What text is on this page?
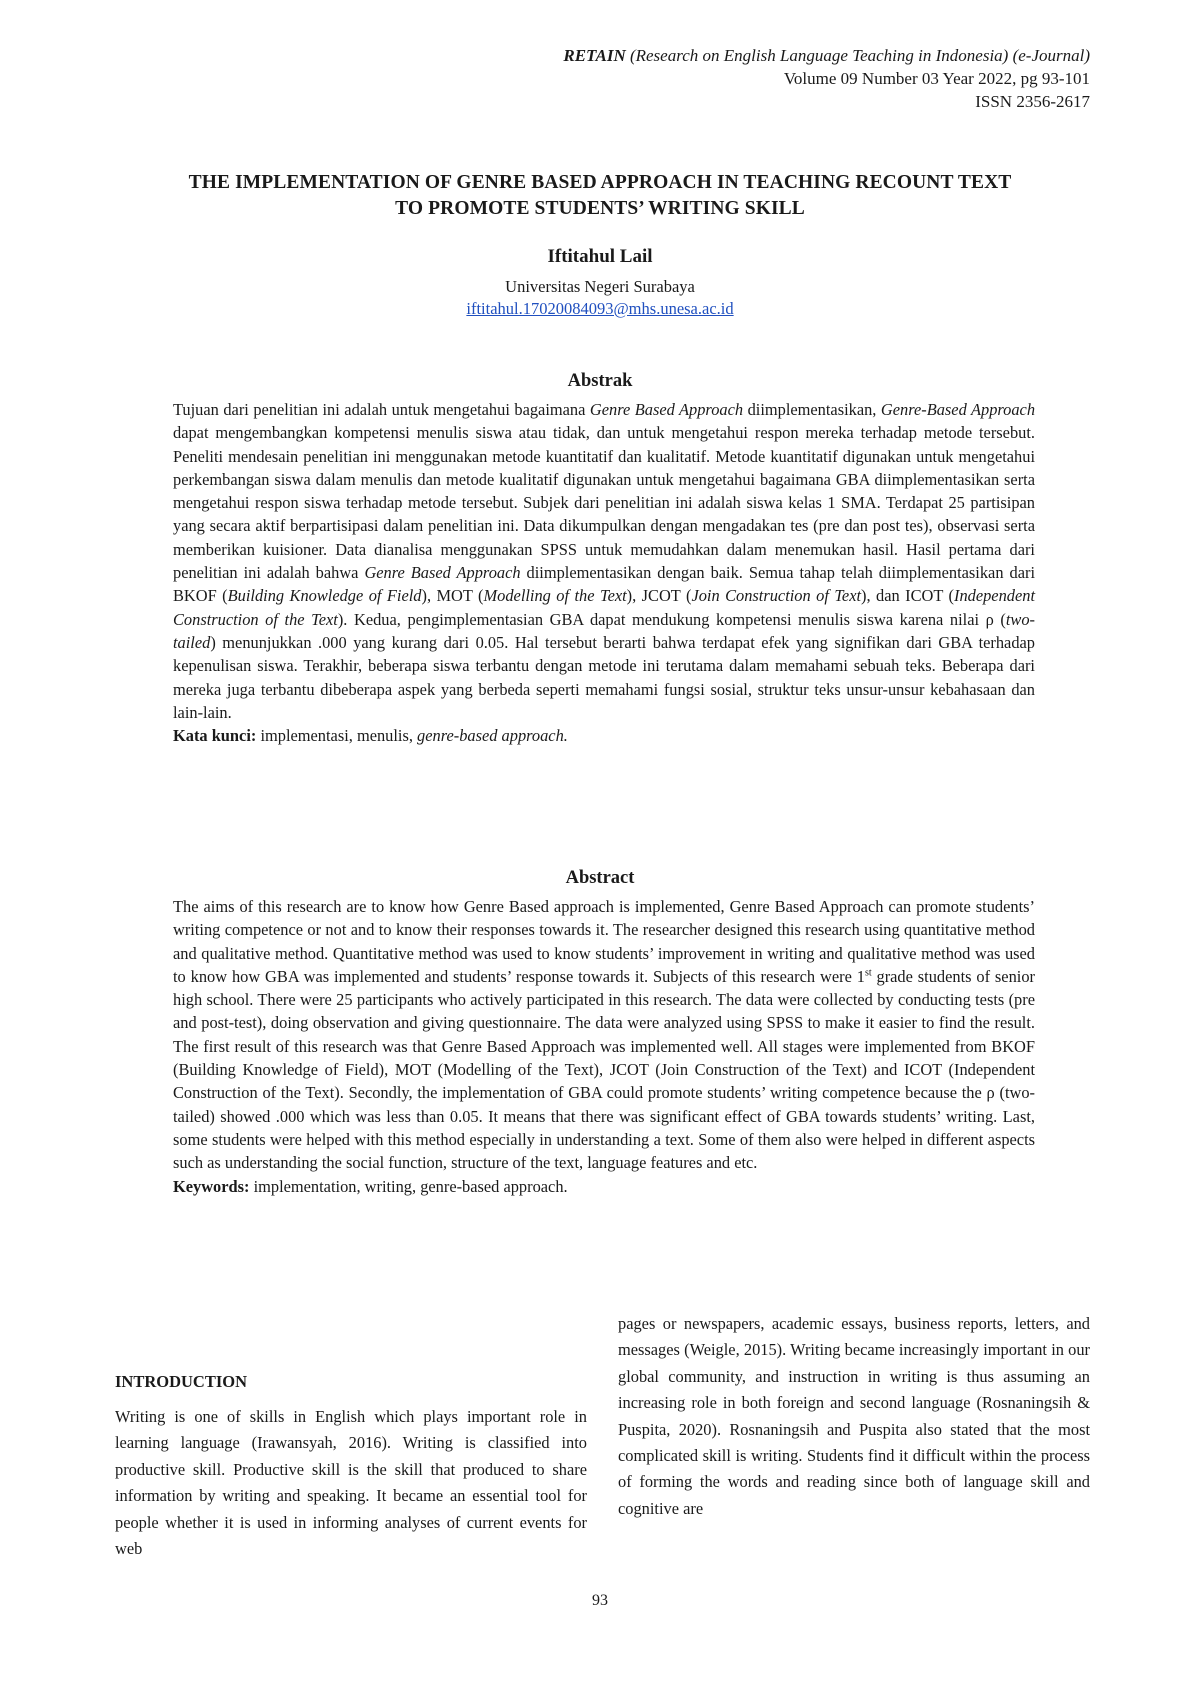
RETAIN (Research on English Language Teaching in Indonesia) (e-Journal)
Volume 09 Number 03 Year 2022, pg 93-101
ISSN 2356-2617
THE IMPLEMENTATION OF GENRE BASED APPROACH IN TEACHING RECOUNT TEXT
TO PROMOTE STUDENTS’ WRITING SKILL
Iftitahul Lail
Universitas Negeri Surabaya
iftitahul.17020084093@mhs.unesa.ac.id
Abstrak

Tujuan dari penelitian ini adalah untuk mengetahui bagaimana Genre Based Approach diimplementasikan, Genre-Based Approach dapat mengembangkan kompetensi menulis siswa atau tidak, dan untuk mengetahui respon mereka terhadap metode tersebut. Peneliti mendesain penelitian ini menggunakan metode kuantitatif dan kualitatif. Metode kuantitatif digunakan untuk mengetahui perkembangan siswa dalam menulis dan metode kualitatif digunakan untuk mengetahui bagaimana GBA diimplementasikan serta mengetahui respon siswa terhadap metode tersebut. Subjek dari penelitian ini adalah siswa kelas 1 SMA. Terdapat 25 partisipan yang secara aktif berpartisipasi dalam penelitian ini. Data dikumpulkan dengan mengadakan tes (pre dan post tes), observasi serta memberikan kuisioner. Data dianalisa menggunakan SPSS untuk memudahkan dalam menemukan hasil. Hasil pertama dari penelitian ini adalah bahwa Genre Based Approach diimplementasikan dengan baik. Semua tahap telah diimplementasikan dari BKOF (Building Knowledge of Field), MOT (Modelling of the Text), JCOT (Join Construction of Text), dan ICOT (Independent Construction of the Text). Kedua, pengimplementasian GBA dapat mendukung kompetensi menulis siswa karena nilai ρ (two-tailed) menunjukkan .000 yang kurang dari 0.05. Hal tersebut berarti bahwa terdapat efek yang signifikan dari GBA terhadap kepenulisan siswa. Terakhir, beberapa siswa terbantu dengan metode ini terutama dalam memahami sebuah teks. Beberapa dari mereka juga terbantu dibeberapa aspek yang berbeda seperti memahami fungsi sosial, struktur teks unsur-unsur kebahasaan dan lain-lain.

Kata kunci: implementasi, menulis, genre-based approach.

Abstract

The aims of this research are to know how Genre Based approach is implemented, Genre Based Approach can promote students’ writing competence or not and to know their responses towards it. The researcher designed this research using quantitative method and qualitative method. Quantitative method was used to know students’ improvement in writing and qualitative method was used to know how GBA was implemented and students’ response towards it. Subjects of this research were 1st grade students of senior high school. There were 25 participants who actively participated in this research. The data were collected by conducting tests (pre and post-test), doing observation and giving questionnaire. The data were analyzed using SPSS to make it easier to find the result. The first result of this research was that Genre Based Approach was implemented well. All stages were implemented from BKOF (Building Knowledge of Field), MOT (Modelling of the Text), JCOT (Join Construction of the Text) and ICOT (Independent Construction of the Text). Secondly, the implementation of GBA could promote students’ writing competence because the ρ (two-tailed) showed .000 which was less than 0.05. It means that there was significant effect of GBA towards students’ writing. Last, some students were helped with this method especially in understanding a text. Some of them also were helped in different aspects such as understanding the social function, structure of the text, language features and etc.

Keywords: implementation, writing, genre-based approach.

INTRODUCTION

Writing is one of skills in English which plays important role in learning language (Irawansyah, 2016). Writing is classified into productive skill. Productive skill is the skill that produced to share information by writing and speaking. It became an essential tool for people whether it is used in informing analyses of current events for web

pages or newspapers, academic essays, business reports, letters, and messages (Weigle, 2015). Writing became increasingly important in our global community, and instruction in writing is thus assuming an increasing role in both foreign and second language (Rosnaningsih & Puspita, 2020). Rosnaningsih and Puspita also stated that the most complicated skill is writing. Students find it difficult within the process of forming the words and reading since both of language skill and cognitive are

93
